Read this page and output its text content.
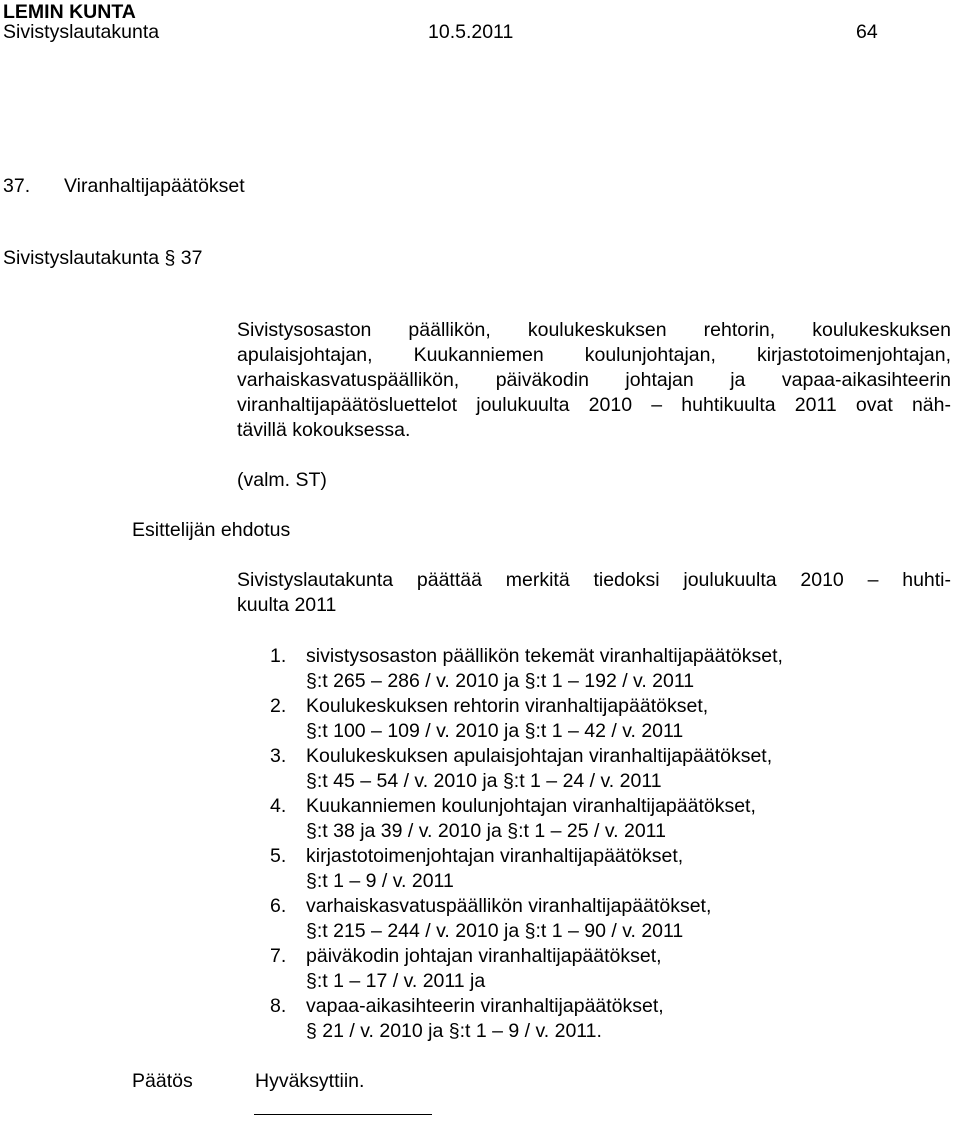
LEMIN KUNTA
Sivistyslautakunta	10.5.2011	64
37. Viranhaltijapäätökset
Sivistyslautakunta § 37
Sivistysosaston päällikön, koulukeskuksen rehtorin, koulukeskuksen
apulaisjohtajan, Kuukanniemen koulunjohtajan, kirjastotoimenjohtajan,
varhaiskasvatuspäällikön, päiväkodin johtajan ja vapaa-aikasihteerin
viranhaltijapäätösluettelot joulukuulta 2010 – huhtikuulta 2011 ovat näh-
tävillä kokouksessa.
(valm. ST)
Esittelijän ehdotus
Sivistyslautakunta päättää merkitä tiedoksi joulukuulta 2010 – huhti-
kuulta 2011
1.	sivistysosaston päällikön tekemät viranhaltijapäätökset,
§:t 265 – 286 / v. 2010 ja §:t 1 – 192 / v. 2011
2.	Koulukeskuksen rehtorin viranhaltijapäätökset,
§:t 100 – 109 / v. 2010 ja §:t 1 – 42 / v. 2011
3.	Koulukeskuksen apulaisjohtajan viranhaltijapäätökset,
§:t 45 – 54 / v. 2010 ja §:t 1 – 24 / v. 2011
4.	Kuukanniemen koulunjohtajan viranhaltijapäätökset,
§:t 38 ja 39 / v. 2010 ja §:t 1 – 25 / v. 2011
5.	kirjastotoimenjohtajan viranhaltijapäätökset,
§:t 1 – 9 / v. 2011
6.	varhaiskasvatuspäällikön viranhaltijapäätökset,
§:t 215 – 244 / v. 2010 ja §:t 1 – 90 / v. 2011
7.	päiväkodin johtajan viranhaltijapäätökset,
§:t 1 – 17 / v. 2011 ja
8.	vapaa-aikasihteerin viranhaltijapäätökset,
§ 21 / v. 2010 ja §:t 1 – 9 / v. 2011.
Päätös	Hyväksyttiin.
